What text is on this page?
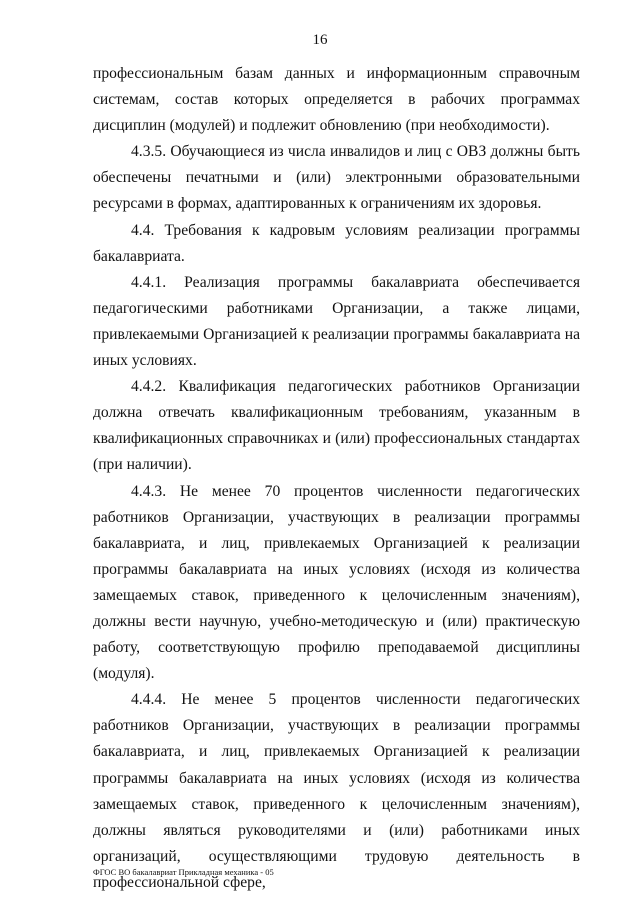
16

профессиональным базам данных и информационным справочным системам, состав которых определяется в рабочих программах дисциплин (модулей) и подлежит обновлению (при необходимости).

4.3.5. Обучающиеся из числа инвалидов и лиц с ОВЗ должны быть обеспечены печатными и (или) электронными образовательными ресурсами в формах, адаптированных к ограничениям их здоровья.

4.4. Требования к кадровым условиям реализации программы бакалавриата.

4.4.1. Реализация программы бакалавриата обеспечивается педагогическими работниками Организации, а также лицами, привлекаемыми Организацией к реализации программы бакалавриата на иных условиях.

4.4.2. Квалификация педагогических работников Организации должна отвечать квалификационным требованиям, указанным в квалификационных справочниках и (или) профессиональных стандартах (при наличии).

4.4.3. Не менее 70 процентов численности педагогических работников Организации, участвующих в реализации программы бакалавриата, и лиц, привлекаемых Организацией к реализации программы бакалавриата на иных условиях (исходя из количества замещаемых ставок, приведенного к целочисленным значениям), должны вести научную, учебно-методическую и (или) практическую работу, соответствующую профилю преподаваемой дисциплины (модуля).

4.4.4. Не менее 5 процентов численности педагогических работников Организации, участвующих в реализации программы бакалавриата, и лиц, привлекаемых Организацией к реализации программы бакалавриата на иных условиях (исходя из количества замещаемых ставок, приведенного к целочисленным значениям), должны являться руководителями и (или) работниками иных организаций, осуществляющими трудовую деятельность в профессиональной сфере,

ФГОС ВО бакалавриат Прикладная механика - 05
